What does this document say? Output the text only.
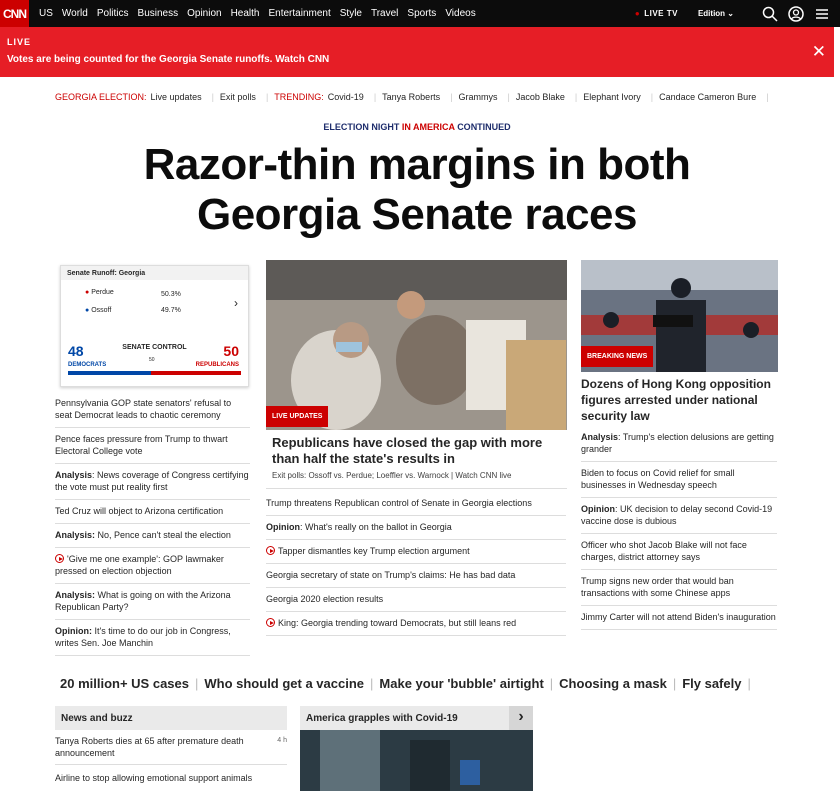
CNN	US World Politics Business Opinion Health Entertainment Style Travel Sports Videos	● LIVE TV	Edition ⌄
LIVE
Votes are being counted for the Georgia Senate runoffs. Watch CNN	✕
GEORGIA ELECTION: Live updates | Exit polls | TRENDING: Covid-19 | Tanya Roberts | Grammys | Jacob Blake | Elephant Ivory | Candace Cameron Bure |
ELECTION NIGHT IN AMERICA CONTINUED
Razor-thin margins in both Georgia Senate races
Senate Runoff: Georgia
● Perdue	50.3%
● Ossoff	49.7%
›
48	50
SENATE CONTROL
50
DEMOCRATS	REPUBLICANS
Pennsylvania GOP state senators' refusal to seat Democrat leads to chaotic ceremony
Pence faces pressure from Trump to thwart Electoral College vote
Analysis: News coverage of Congress certifying the vote must put reality first
Ted Cruz will object to Arizona certification
Analysis: No, Pence can't steal the election
'Give me one example': GOP lawmaker pressed on election objection
Analysis: What is going on with the Arizona Republican Party?
Opinion: It's time to do our job in Congress, writes Sen. Joe Manchin
LIVE UPDATES
Republicans have closed the gap with more than half the state's results in
Exit polls: Ossoff vs. Perdue; Loeffler vs. Warnock | Watch CNN live
Trump threatens Republican control of Senate in Georgia elections
Opinion: What's really on the ballot in Georgia
Tapper dismantles key Trump election argument
Georgia secretary of state on Trump's claims: He has bad data
Georgia 2020 election results
King: Georgia trending toward Democrats, but still leans red
BREAKING NEWS
Dozens of Hong Kong opposition figures arrested under national security law
Analysis: Trump's election delusions are getting grander
Biden to focus on Covid relief for small businesses in Wednesday speech
Opinion: UK decision to delay second Covid-19 vaccine dose is dubious
Officer who shot Jacob Blake will not face charges, district attorney says
Trump signs new order that would ban transactions with some Chinese apps
Jimmy Carter will not attend Biden's inauguration
20 million+ US cases | Who should get a vaccine | Make your 'bubble' airtight | Choosing a mask | Fly safely |
News and buzz
Tanya Roberts dies at 65 after premature death announcement
4 h
Airline to stop allowing emotional support animals
America grapples with Covid-19	›
